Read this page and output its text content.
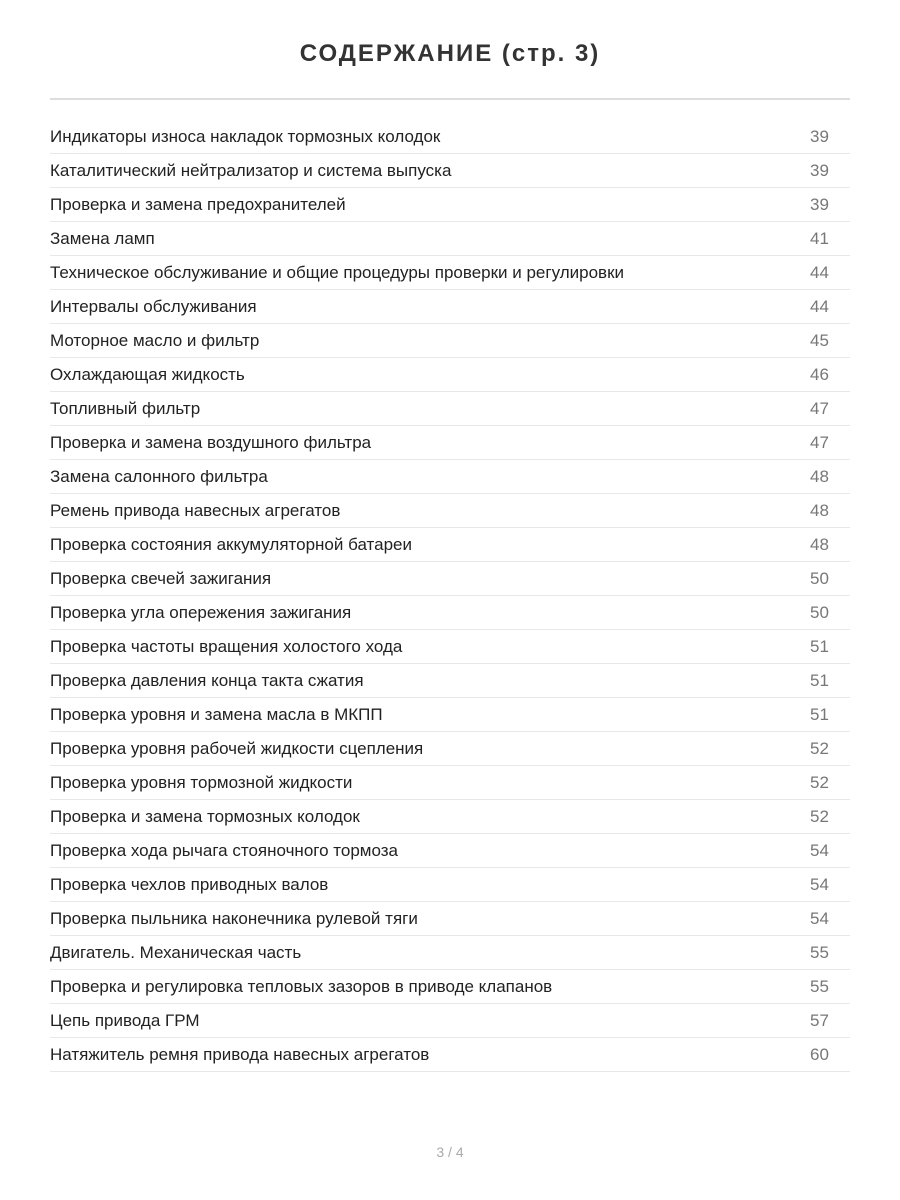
СОДЕРЖАНИЕ (стр. 3)
Индикаторы износа накладок тормозных колодок	39
Каталитический нейтрализатор и система выпуска	39
Проверка и замена предохранителей	39
Замена ламп	41
Техническое обслуживание и общие процедуры проверки и регулировки	44
Интервалы обслуживания	44
Моторное масло и фильтр	45
Охлаждающая жидкость	46
Топливный фильтр	47
Проверка и замена воздушного фильтра	47
Замена салонного фильтра	48
Ремень привода навесных агрегатов	48
Проверка состояния аккумуляторной батареи	48
Проверка свечей зажигания	50
Проверка угла опережения зажигания	50
Проверка частоты вращения холостого хода	51
Проверка давления конца такта сжатия	51
Проверка уровня и замена масла в МКПП	51
Проверка уровня рабочей жидкости сцепления	52
Проверка уровня тормозной жидкости	52
Проверка и замена тормозных колодок	52
Проверка хода рычага стояночного тормоза	54
Проверка чехлов приводных валов	54
Проверка пыльника наконечника рулевой тяги	54
Двигатель. Механическая часть	55
Проверка и регулировка тепловых зазоров в приводе клапанов	55
Цепь привода ГРМ	57
Натяжитель ремня привода навесных агрегатов	60
3 / 4
